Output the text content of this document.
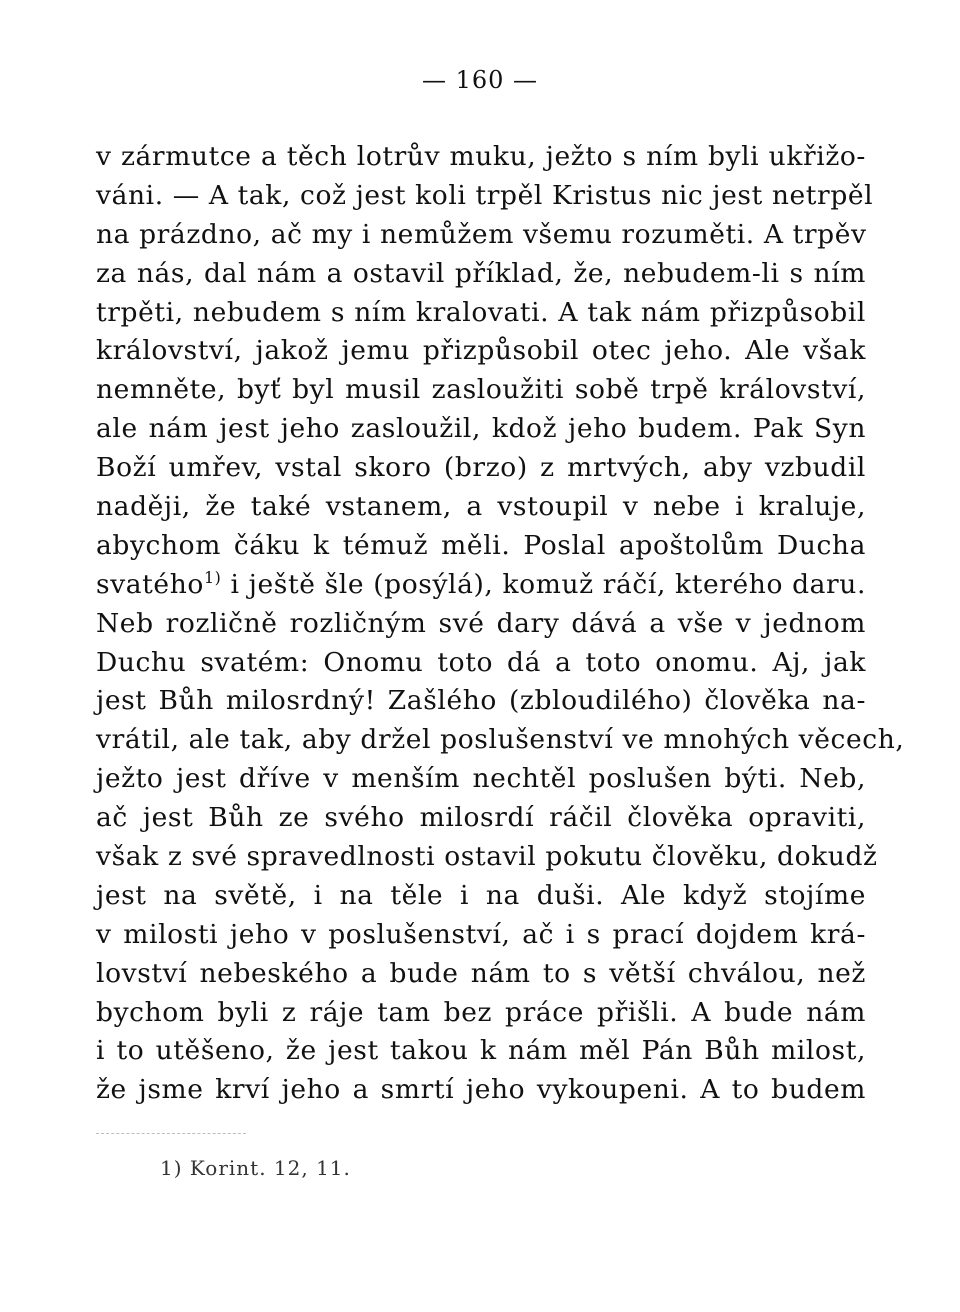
— 160 —
v zármutce a těch lotrův muku, ježto s ním byli ukřižo-
váni. — A tak, což jest koli trpěl Kristus nic jest netrpěl
na prázdno, ač my i nemůžem všemu rozuměti. A trpěv
za nás, dal nám a ostavil příklad, že, nebudem-li s ním
trpěti, nebudem s ním kralovati. A tak nám přizpůsobil
království, jakož jemu přizpůsobil otec jeho. Ale však
nemněte, byť byl musil zasloužiti sobě trpě království,
ale nám jest jeho zasloužil, kdož jeho budem. Pak Syn
Boží umřev, vstal skoro (brzo) z mrtvých, aby vzbudil
naději, že také vstanem, a vstoupil v nebe i kraluje,
abychom čáku k témuž měli. Poslal apoštolům Ducha
svatého$^{1)}$ i ještě šle (posýlá), komuž ráčí, kterého daru.
Neb rozličně rozličným své dary dává a vše v jednom
Duchu svatém: Onomu toto dá a toto onomu. Aj, jak
jest Bůh milosrdný! Zašlého (zbloudilého) člověka na-
vrátil, ale tak, aby držel poslušenství ve mnohých věcech,
ježto jest dříve v menším nechtěl poslušen býti. Neb,
ač jest Bůh ze svého milosrdí ráčil člověka opraviti,
však z své spravedlnosti ostavil pokutu člověku, dokudž
jest na světě, i na těle i na duši. Ale když stojíme
v milosti jeho v poslušenství, ač i s prací dojdem krá-
lovství nebeského a bude nám to s větší chválou, než
bychom byli z ráje tam bez práce přišli. A bude nám
i to utěšeno, že jest takou k nám měl Pán Bůh milost,
že jsme krví jeho a smrtí jeho vykoupeni. A to budem
1) Korint. 12, 11.
